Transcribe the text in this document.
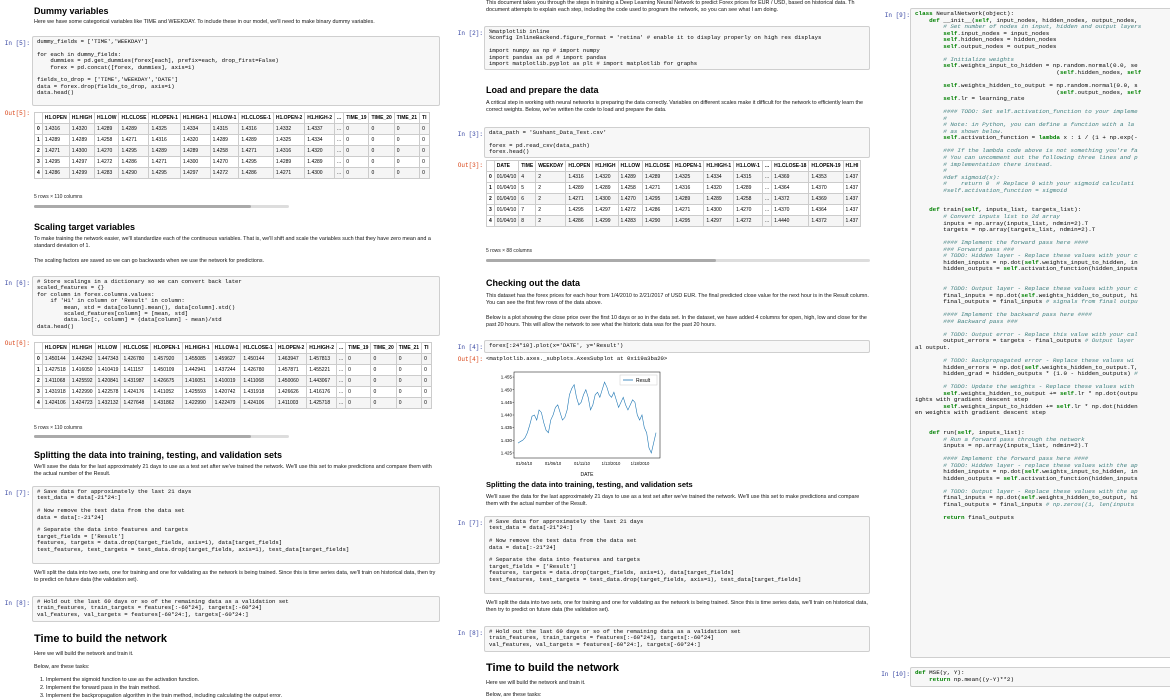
Dummy variables
Here we have some categorical variables like TIME and WEEKDAY. To include these in our model, we'll need to make binary dummy variables.
In [5]:	dummy_fields = ['TIME','WEEKDAY']

for each in dummy_fields:
dummies = pd.get_dummies(forex[each], prefix=each, drop_first=False)
forex = pd.concat([forex, dummies], axis=1)

fields_to_drop = ['TIME','WEEKDAY','DATE']
data = forex.drop(fields_to_drop, axis=1)
data.head()
Out[5]:
	H1.OPEN	H1.HIGH	H1.LOW	H1.CLOSE	H1.OPEN-1	H1.HIGH-1	H1.LOW-1	H1.CLOSE-1	H1.OPEN-2	H1.HIGH-2	...	TIME_19	TIME_20	TIME_21	TI
0	1.4316	1.4320	1.4289	1.4289	1.4325	1.4334	1.4315	1.4316	1.4332	1.4337	...	0	0	0	0
1	1.4289	1.4289	1.4258	1.4271	1.4316	1.4320	1.4289	1.4289	1.4325	1.4334	...	0	0	0	0
2	1.4271	1.4300	1.4270	1.4295	1.4289	1.4289	1.4258	1.4271	1.4316	1.4320	...	0	0	0	0
3	1.4295	1.4297	1.4272	1.4286	1.4271	1.4300	1.4270	1.4295	1.4289	1.4289	...	0	0	0	0
4	1.4286	1.4299	1.4283	1.4290	1.4295	1.4297	1.4272	1.4286	1.4271	1.4300	...	0	0	0	0
5 rows × 110 columns
Scaling target variables
To make training the network easier, we'll standardize each of the continuous variables. That is, we'll shift and scale the variables such that they have zero mean and a standard deviation of 1.
The scaling factors are saved so we can go backwards when we use the network for predictions.
In [6]:	# Store scalings in a dictionary so we can convert back later
scaled_features = {}
for column in forex.columns.values:
if 'H1' in column or 'Result' in column:
mean, std = data[column].mean(), data[column].std()
scaled_features[column] = [mean, std]
data.loc[:, column] = (data[column] - mean)/std
data.head()
Out[6]:
	H1.OPEN	H1.HIGH	H1.LOW	H1.CLOSE	H1.OPEN-1	H1.HIGH-1	H1.LOW-1	H1.CLOSE-1	H1.OPEN-2	H1.HIGH-2	...	TIME_19	TIME_20	TIME_21	TI
0	1.450144	1.442942	1.447343	1.426780	1.457920	1.455085	1.459627	1.450144	1.463947	1.457813	...	0	0	0	0
1	1.427518	1.416050	1.410419	1.411157	1.450109	1.442941	1.437244	1.426780	1.457871	1.455221	...	0	0	0	0
2	1.411068	1.425592	1.420841	1.431987	1.426675	1.416051	1.410019	1.411068	1.450060	1.443067	...	0	0	0	0
3	1.431918	1.422990	1.422578	1.424176	1.411052	1.425593	1.420742	1.431918	1.426626	1.416176	...	0	0	0	0
4	1.424106	1.424723	1.432132	1.427648	1.431862	1.422990	1.422479	1.424106	1.411003	1.425718	...	0	0	0	0
5 rows × 110 columns
Splitting the data into training, testing, and validation sets
We'll save the data for the last approximately 21 days to use as a test set after we've trained the network. We'll use this set to make predictions and compare them with the actual number of the Result.
In [7]:	# Save data for approximately the last 21 days
test_data = data[-21*24:]

# Now remove the test data from the data set
data = data[:-21*24]

# Separate the data into features and targets
target_fields = ['Result']
features, targets = data.drop(target_fields, axis=1), data[target_fields]
test_features, test_targets = test_data.drop(target_fields, axis=1), test_data[target_fields]
We'll split the data into two sets, one for training and one for validating as the network is being trained. Since this is time series data, we'll train on historical data, then try to predict on future data (the validation set).
In [8]:	# Hold out the last 60 days or so of the remaining data as a validation set
train_features, train_targets = features[:-60*24], targets[:-60*24]
val_features, val_targets = features[-60*24:], targets[-60*24:]
Time to build the network
Here we will build the network and train it.
Below, are these tasks:
1. Implement the sigmoid function to use as the activation function.
2. Implement the forward pass in the train method.
3. Implement the backpropagation algorithm in the train method, including calculating the output error.
This document takes you through the steps in training a Deep Learning Neural Network to predict Forex prices for EUR / USD, based on historical data. Th document attempts to explain each step, including the code used to program the network, so you can see what I am doing.
In [2]:	%matplotlib inline
%config InlineBackend.figure_format = 'retina' # enable it to display properly on high res displays

import numpy as np # import numpy
import pandas as pd # import pandas
import matplotlib.pyplot as plt # import matplotlib for graphs
Load and prepare the data
A critical step in working with neural networks is preparing the data correctly. Variables on different scales make it difficult for the network to efficiently learn the correct weights. Below, we've written the code to load and prepare the data.
In [3]:	data_path = 'Sushant_Data_Test.csv'

forex = pd.read_csv(data_path)
forex.head()
Out[3]:
		DATE	TIME	WEEKDAY	H1.OPEN	H1.HIGH	H1.LOW	H1.CLOSE	H1.OPEN-1	H1.HIGH-1	H1.LOW-1	...	H1.CLOSE-18	H1.OPEN-19	H1.HI
0	01/04/10	4	2	1.4316	1.4320	1.4289	1.4289	1.4325	1.4334	1.4315	...	1.4369	1.4353	1.437
1	01/04/10	5	2	1.4289	1.4289	1.4258	1.4271	1.4316	1.4320	1.4289	...	1.4364	1.4370	1.437
2	01/04/10	6	2	1.4271	1.4300	1.4270	1.4295	1.4289	1.4289	1.4258	...	1.4372	1.4369	1.437
3	01/04/10	7	2	1.4295	1.4297	1.4272	1.4286	1.4271	1.4300	1.4270	...	1.4370	1.4364	1.437
4	01/04/10	8	2	1.4286	1.4299	1.4283	1.4290	1.4295	1.4297	1.4272	...	1.4440	1.4372	1.437
5 rows × 88 columns
Checking out the data
This dataset has the forex prices for each hour from 1/4/2010 to 2/21/2017 of USD EUR. The final predicted close value for the next hour is in the Result column. You can see the first few rows of the data above.
Below is a plot showing the close price over the first 10 days or so in the data set. In the dataset, we have added 4 columns for open, high, low and close for the past 20 hours. This will allow the network to see what the historic data was for the past 20 hours.
In [4]:	forex[:24*10].plot(x='DATE', y='Result')
Out[4]: <matplotlib.axes._subplots.AxesSubplot at 0x119a3ba20>
1.425
1.430
1.435
1.440
1.445
1.450
1.455
01/04/10	01/06/10	01/11/10	1/13/2010 1/18/2010
Result
DATE
Splitting the data into training, testing, and validation sets
We'll save the data for the last approximately 21 days to use as a test set after we've trained the network. We'll use this set to make predictions and compare them with the actual number of the Result.
In [7]:	# Save data for approximately the last 21 days
test_data = data[-21*24:]

# Now remove the test data from the data set
data = data[:-21*24]

# Separate the data into features and targets
target_fields = ['Result']
features, targets = data.drop(target_fields, axis=1), data[target_fields]
test_features, test_targets = test_data.drop(target_fields, axis=1), test_data[target_fields]
We'll split the data into two sets, one for training and one for validating as the network is being trained. Since this is time series data, we'll train on historical data, then try to predict on future data (the validation set).
In [8]:	# Hold out the last 60 days or so of the remaining data as a validation set
train_features, train_targets = features[:-60*24], targets[:-60*24]
val_features, val_targets = features[-60*24:], targets[-60*24:]
Time to build the network
Here we will build the network and train it.
Below, are these tasks:
In [9]: class NeuralNetwork(object):
def __init__(self, input_nodes, hidden_nodes, output_nodes,
# Set number of nodes in input, hidden and output layers
self.input_nodes = input_nodes
self.hidden_nodes = hidden_nodes
self.output_nodes = output_nodes

# Initialize weights
self.weights_input_to_hidden = np.random.normal(0.0, se
(self.hidden_nodes, self

self.weights_hidden_to_output = np.random.normal(0.0, s
(self.output_nodes, self
self.lr = learning_rate

#### TODO: Set self.activation_function to your impleme
#
# Note: in Python, you can define a function with a la
# as shown below.
self.activation_function = lambda x : 1 / (1 + np.exp(-

### If the lambda code above is not something you're fa
# You can uncomment out the following three lines and p
# implementation there instead.
#
#def sigmoid(x):
#    return 0  # Replace 0 with your sigmoid calculati
#self.activation_function = sigmoid

def train(self, inputs_list, targets_list):
# Convert inputs list to 2d array
inputs = np.array(inputs_list, ndmin=2).T
targets = np.array(targets_list, ndmin=2).T

#### Implement the forward pass here ####
### Forward pass ###
# TODO: Hidden layer - Replace these values with your c
hidden_inputs = np.dot(self.weights_input_to_hidden, in
hidden_outputs = self.activation_function(hidden_inputs

# TODO: Output layer - Replace these values with your c
final_inputs = np.dot(self.weights_hidden_to_output, hi
final_outputs = final_inputs # signals from final outpu

#### Implement the backward pass here ####
### Backward pass ###

# TODO: Output error - Replace this value with your cal
output_errors = targets - final_outputs # Output layer
al output.

# TODO: Backpropagated error - Replace these values wi
hidden_errors = np.dot(self.weights_hidden_to_output.T,
hidden_grad = hidden_outputs * (1.0 - hidden_outputs) #

# TODO: Update the weights - Replace these values with
self.weights_hidden_to_output += self.lr * np.dot(outpu
ights with gradient descent step
self.weights_input_to_hidden += self.lr * np.dot(hidden
en weights with gradient descent step

def run(self, inputs_list):
# Run a forward pass through the network
inputs = np.array(inputs_list, ndmin=2).T

#### Implement the forward pass here ####
# TODO: Hidden layer - replace these values with the ap
hidden_inputs = np.dot(self.weights_input_to_hidden, in
hidden_outputs = self.activation_function(hidden_inputs

# TODO: Output layer - Replace these values with the ap
final_inputs = np.dot(self.weights_hidden_to_output, hi
final_outputs = final_inputs # np.zeros((1, len(inputs

return final_outputs
In [10]: def MSE(y, Y):
return np.mean((y-Y)**2)
